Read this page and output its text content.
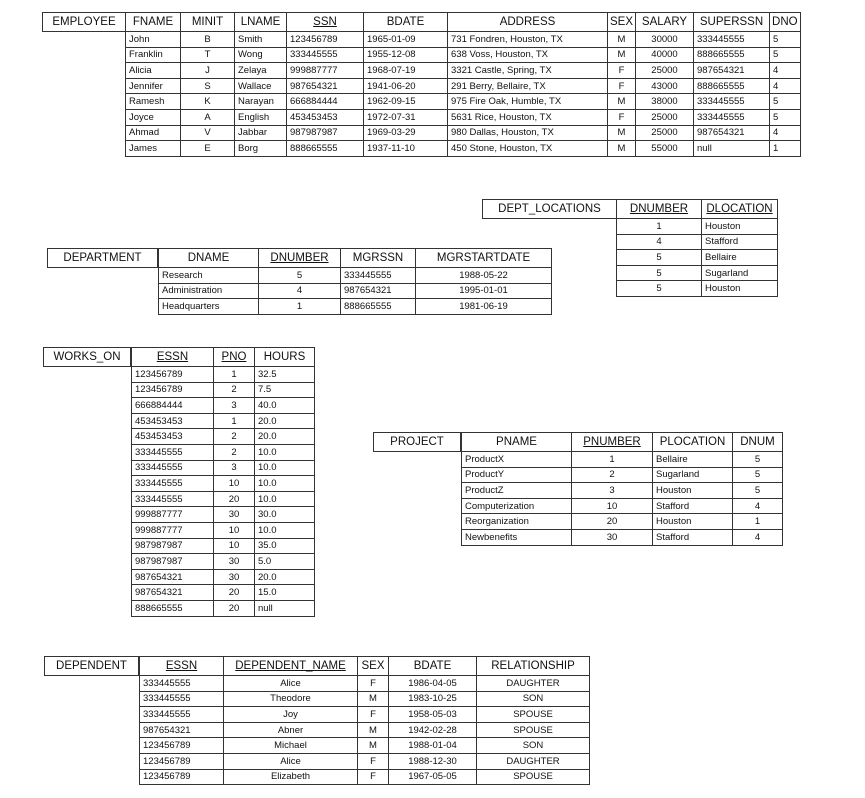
EMPLOYEE	FNAME	MINIT	LNAME	SSN	BDATE	ADDRESS	SEX	SALARY	SUPERSSN	DNO
John	B	Smith	123456789	1965-01-09	731 Fondren, Houston, TX	M	30000	333445555	5
Franklin	T	Wong	333445555	1955-12-08	638 Voss, Houston, TX	M	40000	888665555	5
Alicia	J	Zelaya	999887777	1968-07-19	3321 Castle, Spring, TX	F	25000	987654321	4
Jennifer	S	Wallace	987654321	1941-06-20	291 Berry, Bellaire, TX	F	43000	888665555	4
Ramesh	K	Narayan	666884444	1962-09-15	975 Fire Oak, Humble, TX	M	38000	333445555	5
Joyce	A	English	453453453	1972-07-31	5631 Rice, Houston, TX	F	25000	333445555	5
Ahmad	V	Jabbar	987987987	1969-03-29	980 Dallas, Houston, TX	M	25000	987654321	4
James	E	Borg	888665555	1937-11-10	450 Stone, Houston, TX	M	55000	null	1
DEPT_LOCATIONS	DNUMBER	DLOCATION
1	Houston
4	Stafford
5	Bellaire
5	Sugarland
5	Houston
DEPARTMENT	DNAME	DNUMBER	MGRSSN	MGRSTARTDATE
Research	5	333445555	1988-05-22
Administration	4	987654321	1995-01-01
Headquarters	1	888665555	1981-06-19
WORKS_ON	ESSN	PNO	HOURS
123456789	1	32.5
123456789	2	7.5
666884444	3	40.0
453453453	1	20.0
453453453	2	20.0
333445555	2	10.0
333445555	3	10.0
333445555	10	10.0
333445555	20	10.0
999887777	30	30.0
999887777	10	10.0
987987987	10	35.0
987987987	30	5.0
987654321	30	20.0
987654321	20	15.0
888665555	20	null
PROJECT	PNAME	PNUMBER	PLOCATION	DNUM
ProductX	1	Bellaire	5
ProductY	2	Sugarland	5
ProductZ	3	Houston	5
Computerization	10	Stafford	4
Reorganization	20	Houston	1
Newbenefits	30	Stafford	4
DEPENDENT	ESSN	DEPENDENT_NAME	SEX	BDATE	RELATIONSHIP
333445555	Alice	F	1986-04-05	DAUGHTER
333445555	Theodore	M	1983-10-25	SON
333445555	Joy	F	1958-05-03	SPOUSE
987654321	Abner	M	1942-02-28	SPOUSE
123456789	Michael	M	1988-01-04	SON
123456789	Alice	F	1988-12-30	DAUGHTER
123456789	Elizabeth	F	1967-05-05	SPOUSE
